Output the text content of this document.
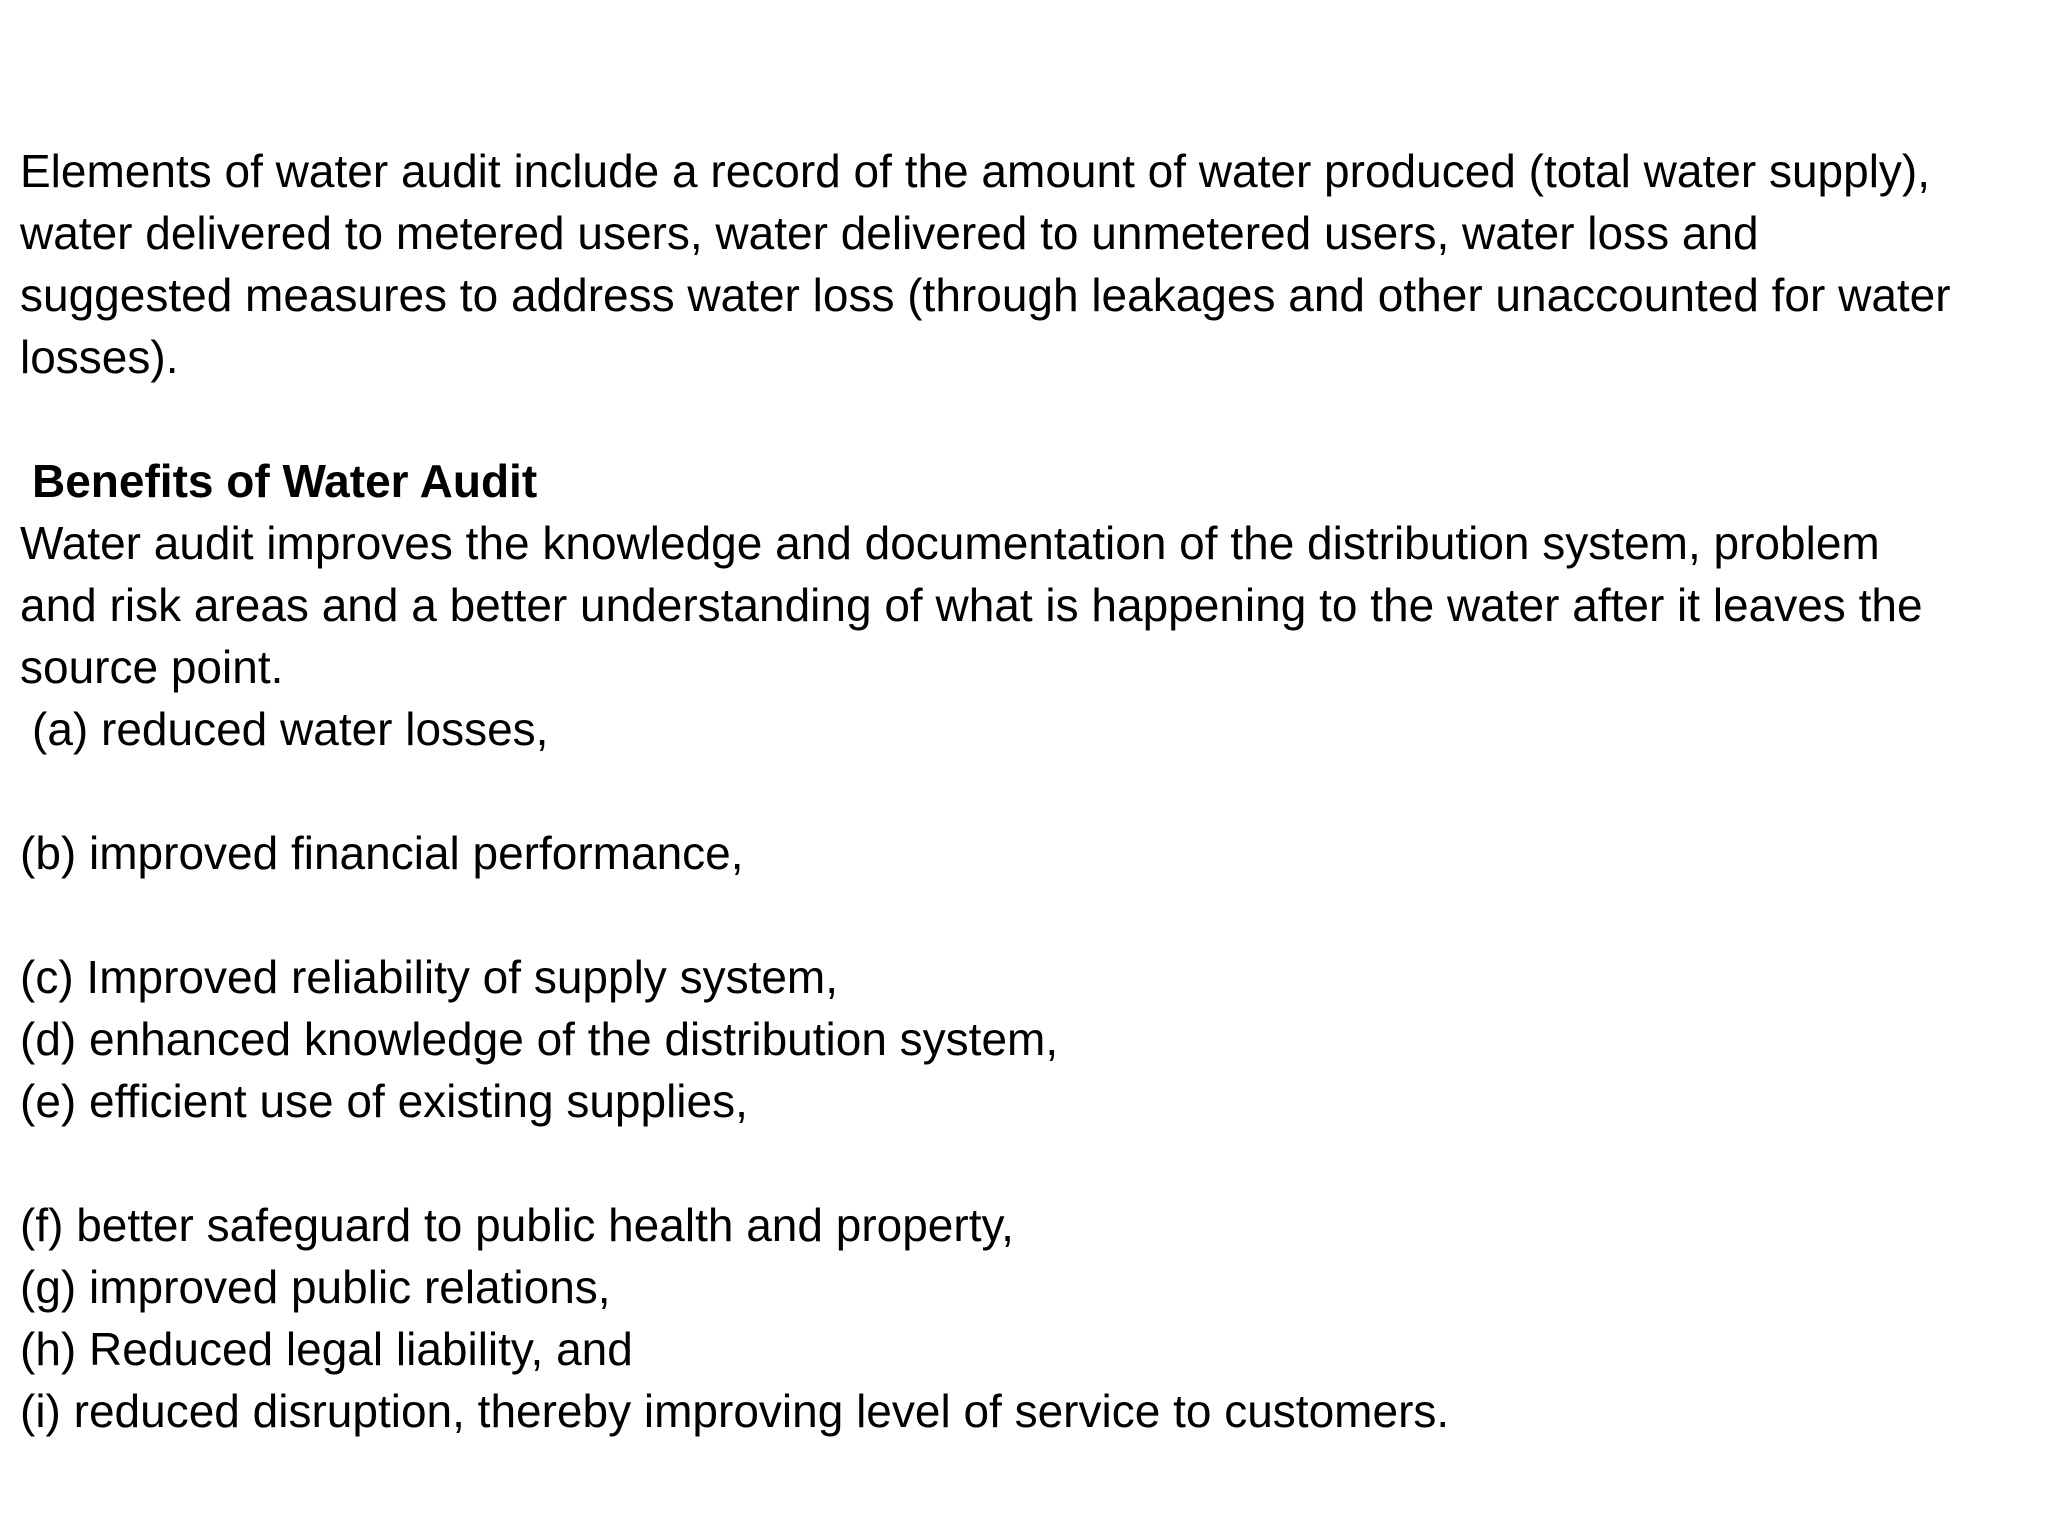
Elements of water audit include a record of the amount of water produced (total water supply),
water delivered to metered users, water delivered to unmetered users, water loss and
suggested measures to address water loss (through leakages and other unaccounted for water
losses).
Benefits of Water Audit
Water audit improves the knowledge and documentation of the distribution system, problem
and risk areas and a better understanding of what is happening to the water after it leaves the
source point.
(a) reduced water losses,
(b) improved financial performance,
(c) Improved reliability of supply system,
(d) enhanced knowledge of the distribution system,
(e) efficient use of existing supplies,
(f) better safeguard to public health and property,
(g) improved public relations,
(h) Reduced legal liability, and
(i) reduced disruption, thereby improving level of service to customers.
